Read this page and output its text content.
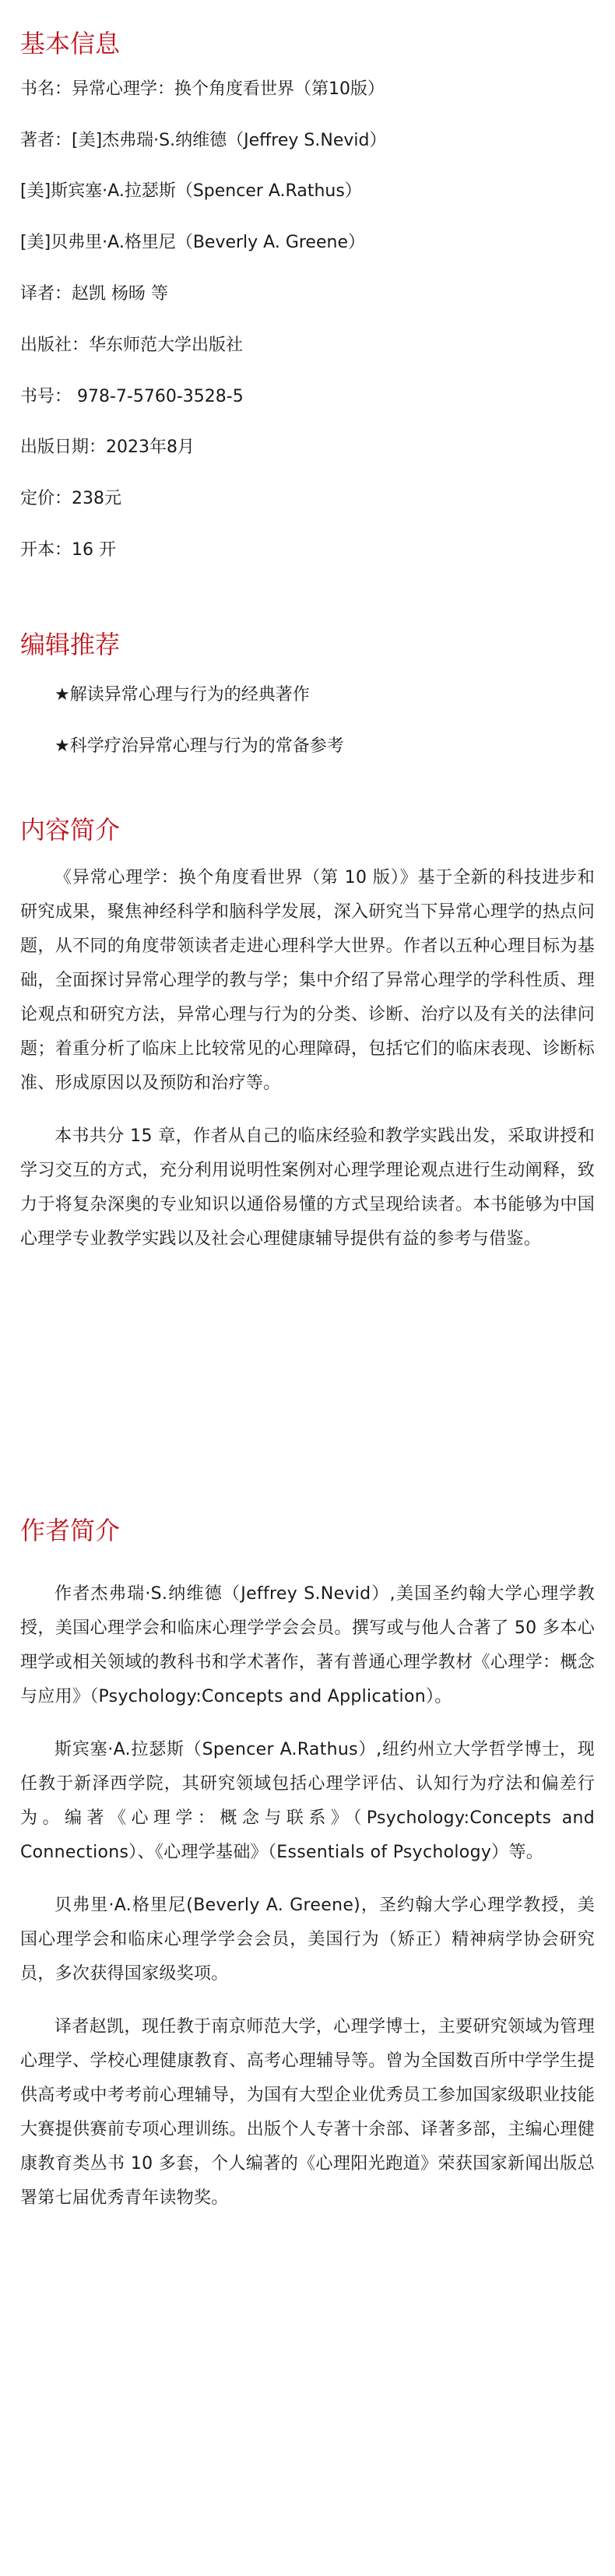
基本信息

书名：异常心理学：换个角度看世界（第10版）

著者：[美]杰弗瑞·S.纳维德（Jeffrey S.Nevid）

[美]斯宾塞·A.拉瑟斯（Spencer A.Rathus）

[美]贝弗里·A.格里尼（Beverly A. Greene）

译者：赵凯 杨旸 等

出版社：华东师范大学出版社

书号： 978-7-5760-3528-5

出版日期：2023年8月

定价：238元

开本：16 开

编辑推荐

★解读异常心理与行为的经典著作

★科学疗治异常心理与行为的常备参考

内容简介

《异常心理学：换个角度看世界（第 10 版）》基于全新的科技进步和研究成果，聚焦神经科学和脑科学发展，深入研究当下异常心理学的热点问题，从不同的角度带领读者走进心理科学大世界。作者以五种心理目标为基础，全面探讨异常心理学的教与学；集中介绍了异常心理学的学科性质、理论观点和研究方法，异常心理与行为的分类、诊断、治疗以及有关的法律问题；着重分析了临床上比较常见的心理障碍，包括它们的临床表现、诊断标准、形成原因以及预防和治疗等。

本书共分 15 章，作者从自己的临床经验和教学实践出发，采取讲授和学习交互的方式，充分利用说明性案例对心理学理论观点进行生动阐释，致力于将复杂深奥的专业知识以通俗易懂的方式呈现给读者。本书能够为中国心理学专业教学实践以及社会心理健康辅导提供有益的参考与借鉴。

作者简介

作者杰弗瑞·S.纳维德（Jeffrey S.Nevid）,美国圣约翰大学心理学教授，美国心理学会和临床心理学学会会员。撰写或与他人合著了 50 多本心理学或相关领域的教科书和学术著作，著有普通心理学教材《心理学：概念与应用》（Psychology:Concepts and Application）。

斯宾塞·A.拉瑟斯（Spencer A.Rathus）,纽约州立大学哲学博士，现任教于新泽西学院，其研究领域包括心理学评估、认知行为疗法和偏差行为。编著《心理学：概念与联系》（Psychology:Concepts and Connections）、《心理学基础》（Essentials of Psychology）等。

贝弗里·A.格里尼(Beverly A. Greene)，圣约翰大学心理学教授，美国心理学会和临床心理学学会会员，美国行为（矫正）精神病学协会研究员，多次获得国家级奖项。

译者赵凯，现任教于南京师范大学，心理学博士，主要研究领域为管理心理学、学校心理健康教育、高考心理辅导等。曾为全国数百所中学学生提供高考或中考考前心理辅导，为国有大型企业优秀员工参加国家级职业技能大赛提供赛前专项心理训练。出版个人专著十余部、译著多部，主编心理健康教育类丛书 10 多套，个人编著的《心理阳光跑道》荣获国家新闻出版总署第七届优秀青年读物奖。
